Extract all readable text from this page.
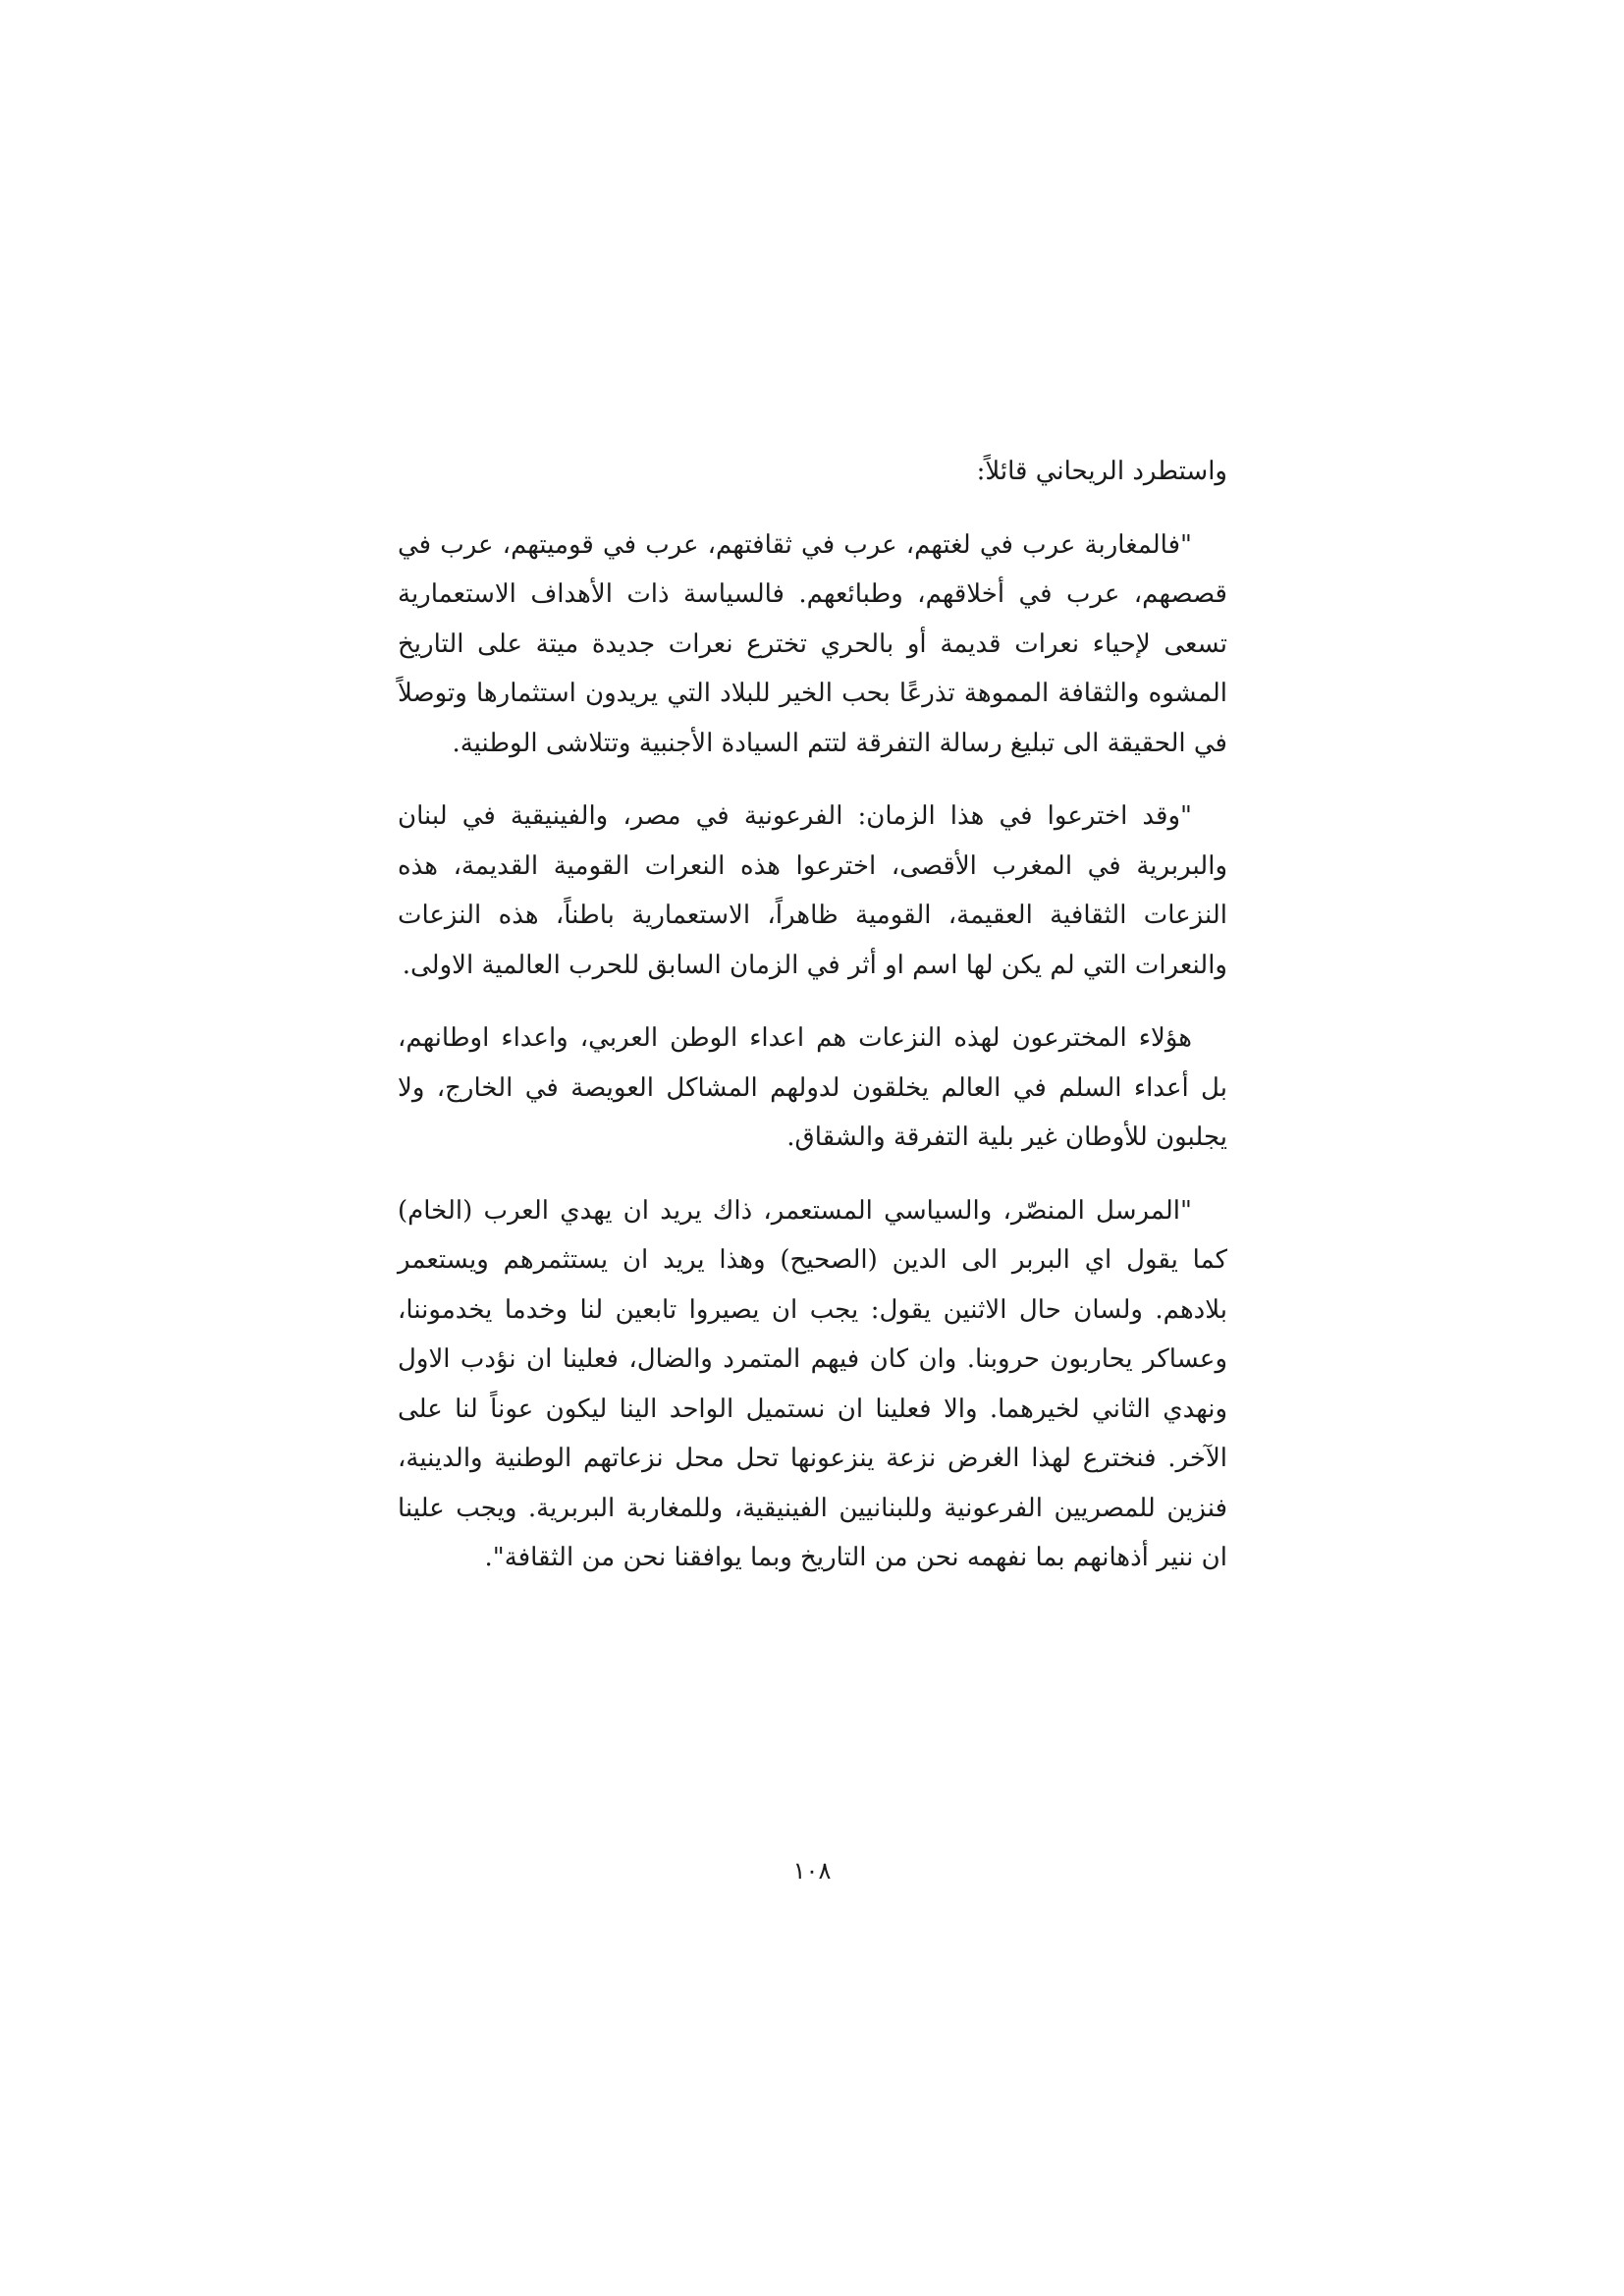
واستطرد الريحاني قائلاً:

"فالمغاربة عرب في لغتهم، عرب في ثقافتهم، عرب في قوميتهم، عرب في قصصهم، عرب في أخلاقهم، وطبائعهم. فالسياسة ذات الأهداف الاستعمارية تسعى لإحياء نعرات قديمة أو بالحري تخترع نعرات جديدة ميتة على التاريخ المشوه والثقافة المموهة تذرعًا بحب الخير للبلاد التي يريدون استثمارها وتوصلاً في الحقيقة الى تبليغ رسالة التفرقة لتتم السيادة الأجنبية وتتلاشى الوطنية.

"وقد اخترعوا في هذا الزمان: الفرعونية في مصر، والفينيقية في لبنان والبربرية في المغرب الأقصى، اخترعوا هذه النعرات القومية القديمة، هذه النزعات الثقافية العقيمة، القومية ظاهراً، الاستعمارية باطناً، هذه النزعات والنعرات التي لم يكن لها اسم او أثر في الزمان السابق للحرب العالمية الاولى.

هؤلاء المخترعون لهذه النزعات هم اعداء الوطن العربي، واعداء اوطانهم، بل أعداء السلم في العالم يخلقون لدولهم المشاكل العويصة في الخارج، ولا يجلبون للأوطان غير بلية التفرقة والشقاق.

"المرسل المنصّر، والسياسي المستعمر، ذاك يريد ان يهدي العرب (الخام) كما يقول اي البربر الى الدين (الصحيح) وهذا يريد ان يستثمرهم ويستعمر بلادهم. ولسان حال الاثنين يقول: يجب ان يصيروا تابعين لنا وخدما يخدموننا، وعساكر يحاربون حروبنا. وان كان فيهم المتمرد والضال، فعلينا ان نؤدب الاول ونهدي الثاني لخيرهما. والا فعلينا ان نستميل الواحد الينا ليكون عوناً لنا على الآخر. فنخترع لهذا الغرض نزعة ينزعونها تحل محل نزعاتهم الوطنية والدينية، فنزين للمصريين الفرعونية وللبنانيين الفينيقية، وللمغاربة البربرية. ويجب علينا ان ننير أذهانهم بما نفهمه نحن من التاريخ وبما يوافقنا نحن من الثقافة".

١٠٨
